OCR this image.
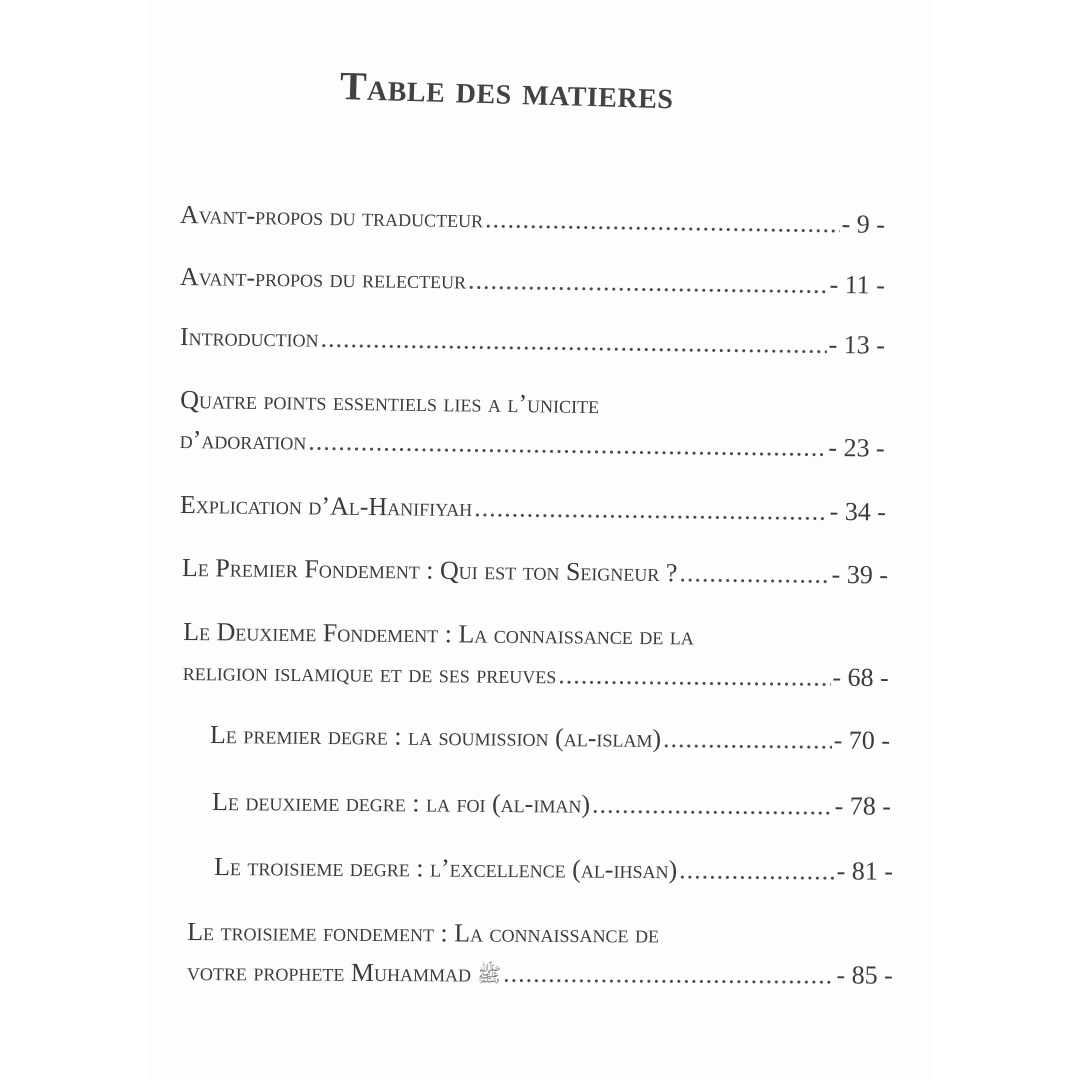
Table des matieres
Avant-propos du traducteur .....	- 9 -
Avant-propos du relecteur .....	- 11 -
Introduction .....	- 13 -
Quatre points essentiels lies a l’unicite
d’adoration .....	- 23 -
Explication d’Al-Hanifiyah .....	- 34 -
Le Premier Fondement : Qui est ton Seigneur ? .....	- 39 -
Le Deuxieme Fondement : La connaissance de la
religion islamique et de ses preuves .....	- 68 -
Le premier degre : la soumission (al-islam) .....	- 70 -
Le deuxieme degre : la foi (al-iman) .....	- 78 -
Le troisieme degre : l’excellence (al-ihsan) .....	- 81 -
Le troisieme fondement : La connaissance de
votre prophete Muhammad ﷺ .....	- 85 -
